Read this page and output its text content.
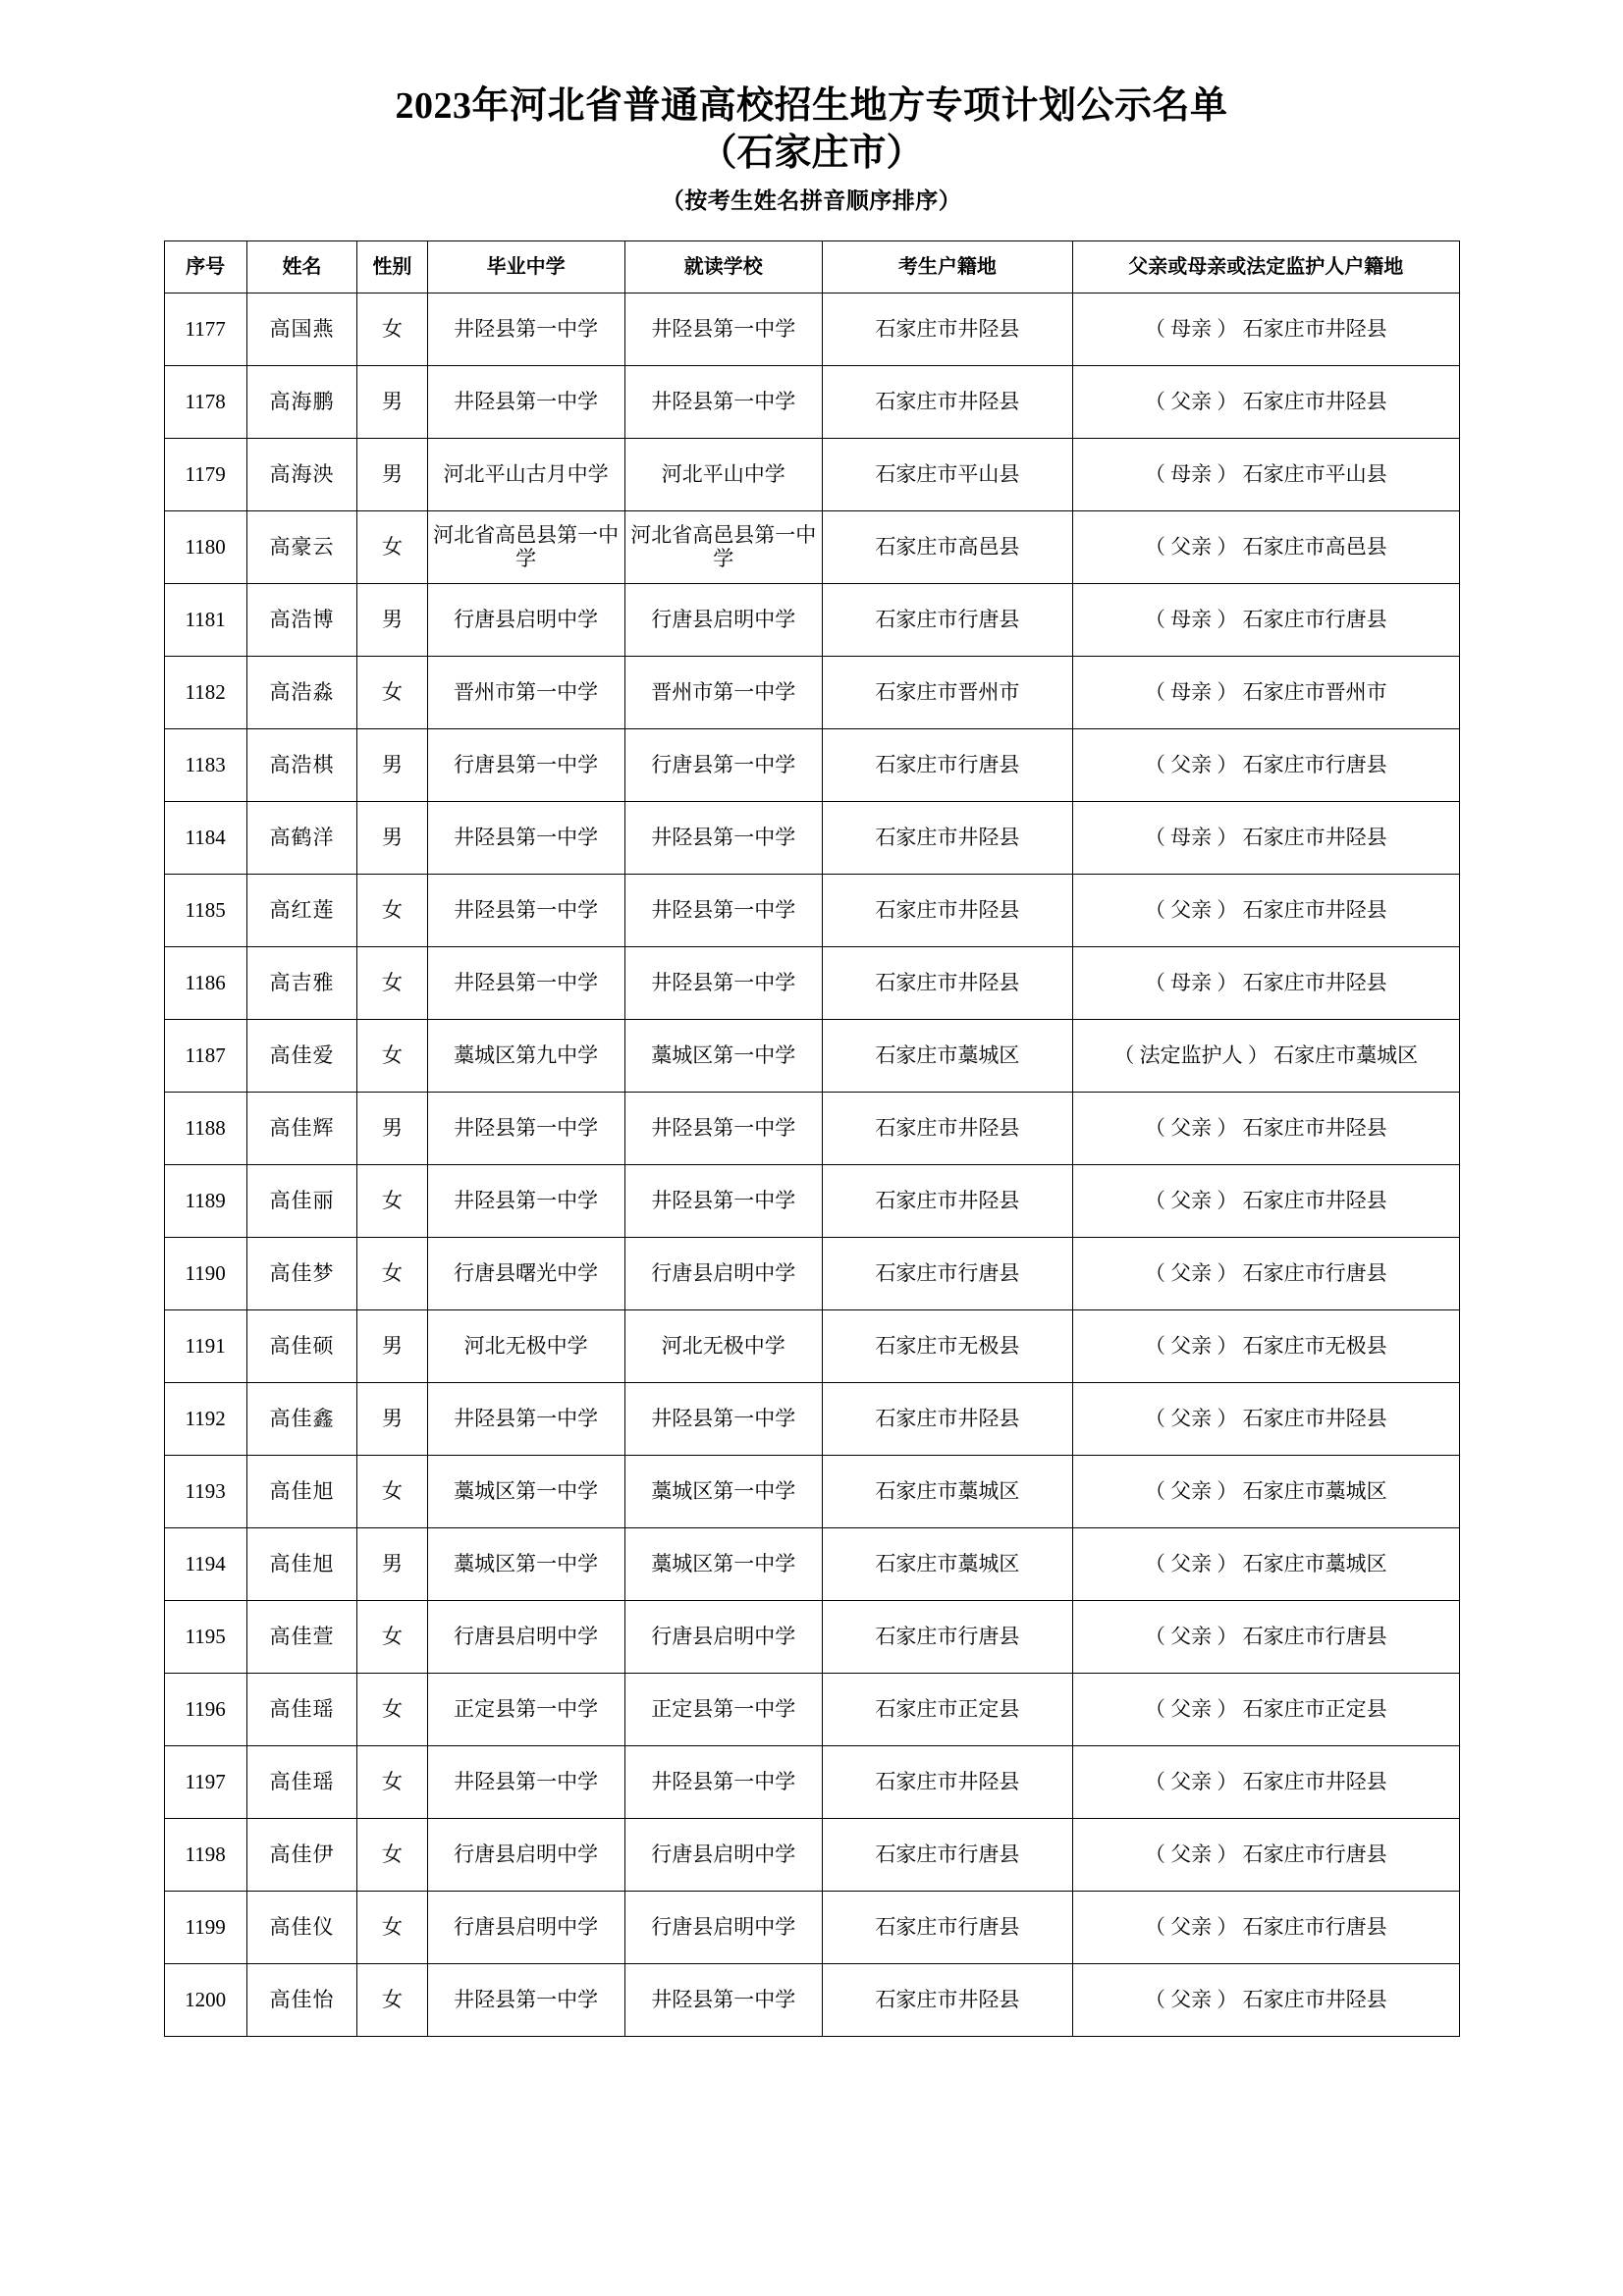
2023年河北省普通高校招生地方专项计划公示名单
（石家庄市）
（按考生姓名拼音顺序排序）
序号	姓名	性别	毕业中学	就读学校	考生户籍地	父亲或母亲或法定监护人户籍地
1177	高国燕	女	井陉县第一中学	井陉县第一中学	石家庄市井陉县	（ 母亲 ） 石家庄市井陉县
1178	高海鹏	男	井陉县第一中学	井陉县第一中学	石家庄市井陉县	（ 父亲 ） 石家庄市井陉县
1179	高海泱	男	河北平山古月中学	河北平山中学	石家庄市平山县	（ 母亲 ） 石家庄市平山县
1180	高豪云	女	河北省高邑县第一中学	河北省高邑县第一中学	石家庄市高邑县	（ 父亲 ） 石家庄市高邑县
1181	高浩博	男	行唐县启明中学	行唐县启明中学	石家庄市行唐县	（ 母亲 ） 石家庄市行唐县
1182	高浩淼	女	晋州市第一中学	晋州市第一中学	石家庄市晋州市	（ 母亲 ） 石家庄市晋州市
1183	高浩棋	男	行唐县第一中学	行唐县第一中学	石家庄市行唐县	（ 父亲 ） 石家庄市行唐县
1184	高鹤洋	男	井陉县第一中学	井陉县第一中学	石家庄市井陉县	（ 母亲 ） 石家庄市井陉县
1185	高红莲	女	井陉县第一中学	井陉县第一中学	石家庄市井陉县	（ 父亲 ） 石家庄市井陉县
1186	高吉雅	女	井陉县第一中学	井陉县第一中学	石家庄市井陉县	（ 母亲 ） 石家庄市井陉县
1187	高佳爱	女	藁城区第九中学	藁城区第一中学	石家庄市藁城区	（ 法定监护人 ） 石家庄市藁城区
1188	高佳辉	男	井陉县第一中学	井陉县第一中学	石家庄市井陉县	（ 父亲 ） 石家庄市井陉县
1189	高佳丽	女	井陉县第一中学	井陉县第一中学	石家庄市井陉县	（ 父亲 ） 石家庄市井陉县
1190	高佳梦	女	行唐县曙光中学	行唐县启明中学	石家庄市行唐县	（ 父亲 ） 石家庄市行唐县
1191	高佳硕	男	河北无极中学	河北无极中学	石家庄市无极县	（ 父亲 ） 石家庄市无极县
1192	高佳鑫	男	井陉县第一中学	井陉县第一中学	石家庄市井陉县	（ 父亲 ） 石家庄市井陉县
1193	高佳旭	女	藁城区第一中学	藁城区第一中学	石家庄市藁城区	（ 父亲 ） 石家庄市藁城区
1194	高佳旭	男	藁城区第一中学	藁城区第一中学	石家庄市藁城区	（ 父亲 ） 石家庄市藁城区
1195	高佳萱	女	行唐县启明中学	行唐县启明中学	石家庄市行唐县	（ 父亲 ） 石家庄市行唐县
1196	高佳瑶	女	正定县第一中学	正定县第一中学	石家庄市正定县	（ 父亲 ） 石家庄市正定县
1197	高佳瑶	女	井陉县第一中学	井陉县第一中学	石家庄市井陉县	（ 父亲 ） 石家庄市井陉县
1198	高佳伊	女	行唐县启明中学	行唐县启明中学	石家庄市行唐县	（ 父亲 ） 石家庄市行唐县
1199	高佳仪	女	行唐县启明中学	行唐县启明中学	石家庄市行唐县	（ 父亲 ） 石家庄市行唐县
1200	高佳怡	女	井陉县第一中学	井陉县第一中学	石家庄市井陉县	（ 父亲 ） 石家庄市井陉县
